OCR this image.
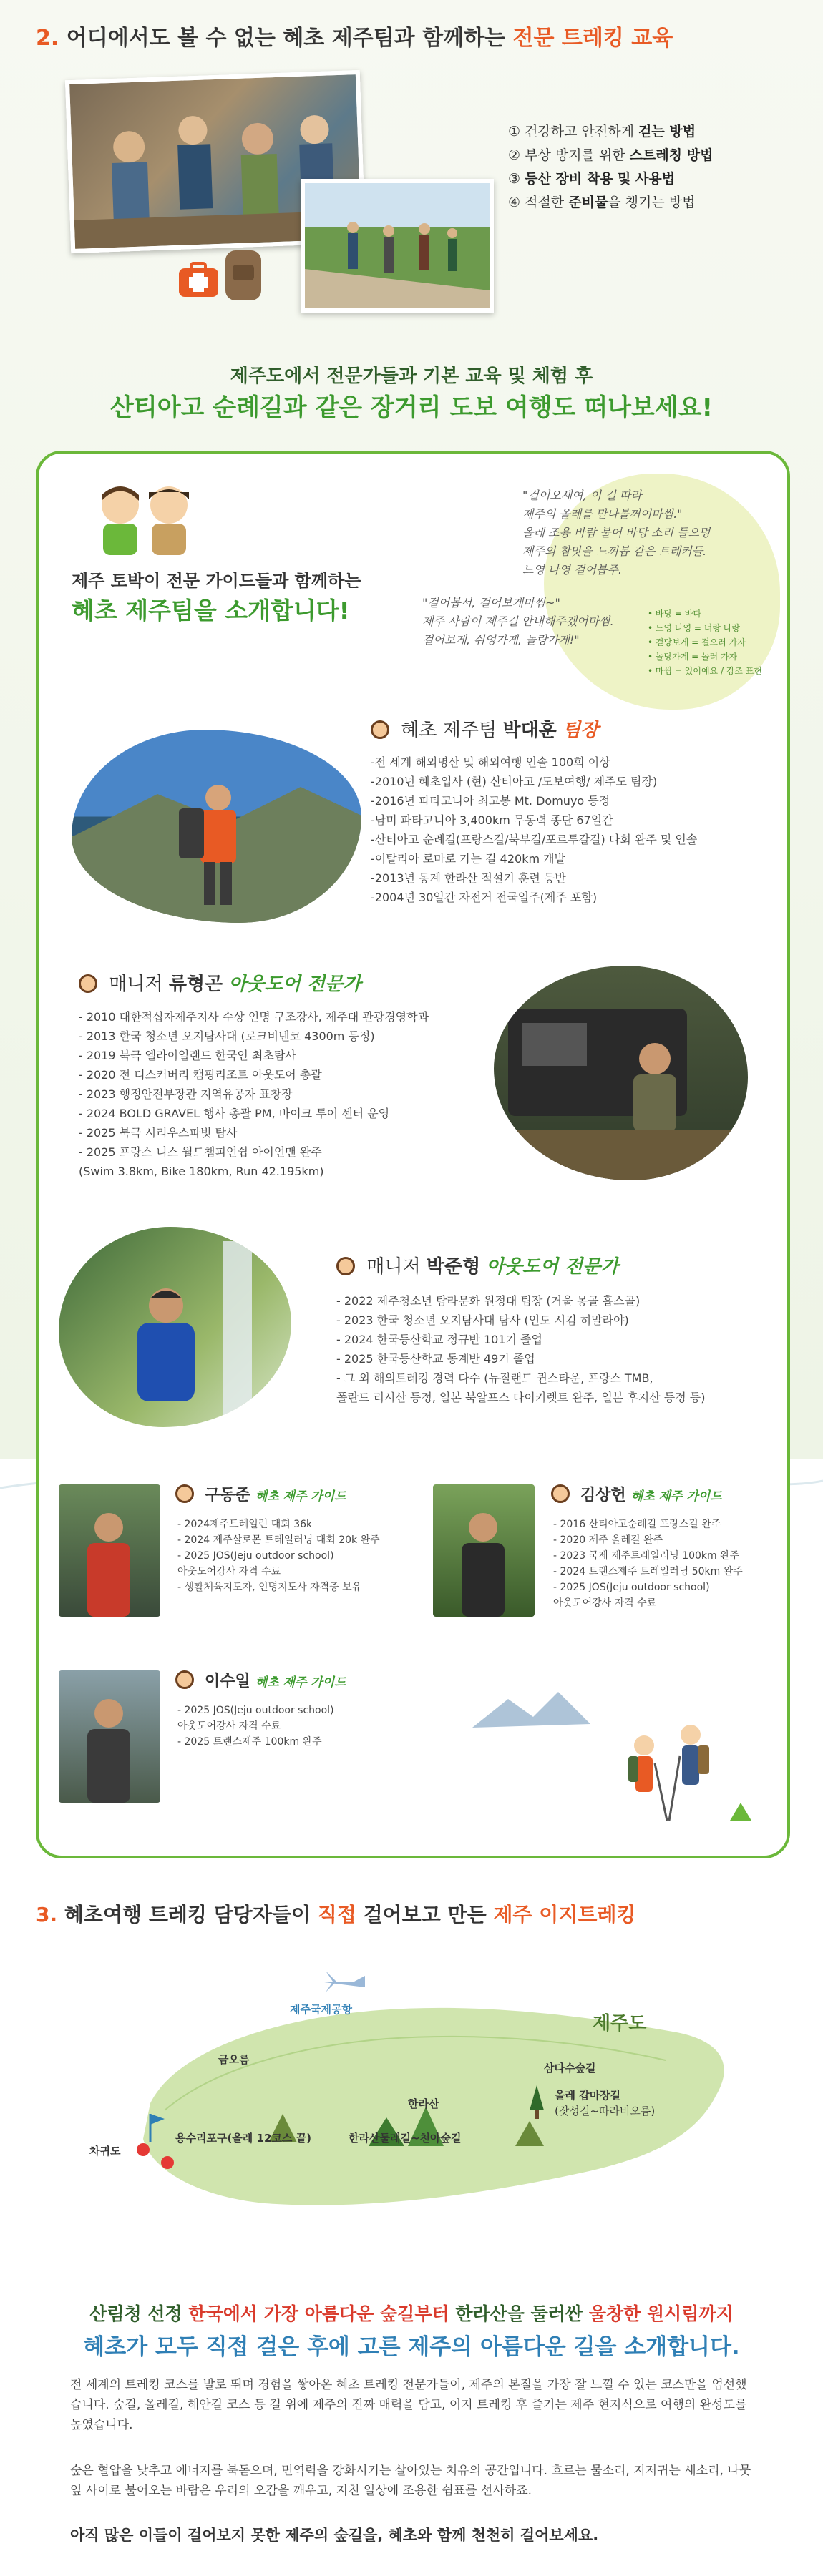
2. 어디에서도 볼 수 없는 혜초 제주팀과 함께하는 전문 트레킹 교육
① 건강하고 안전하게 걷는 방법
② 부상 방지를 위한 스트레칭 방법
③ 등산 장비 착용 및 사용법
④ 적절한 준비물을 챙기는 방법

제주도에서 전문가들과 기본 교육 및 체험 후

산티아고 순례길과 같은 장거리 도보 여행도 떠나보세요!

제주 토박이 전문 가이드들과 함께하는

혜초 제주팀을 소개합니다!

"걸어오세여, 이 길 따라
제주의 올레를 만나볼꺼여마씸."
올레 조용 바람 불어 바당 소리 들으멍
제주의 참맛을 느껴봅 같은 트레커들.
느영 나영 걸어봅주.
"걸어봅서, 걸어보게마씸~"
제주 사람이 제주길 안내해주겠어마씸.
걸어보게, 쉬엉가게, 놀랑가게!"
• 바당 = 바다
• 느영 나영 = 너랑 나랑
• 걷당보게 = 걸으러 가자
• 놀당가게 = 놀러 가자
• 마씸 = 있어예요 / 강조 표현
혜초 제주팀 박대훈 팀장
-전 세계 해외명산 및 해외여행 인솔 100회 이상
-2010년 혜초입사 (현) 산티아고 /도보여행/ 제주도 팀장)
-2016년 파타고니아 최고봉 Mt. Domuyo 등정
-남미 파타고니아 3,400km 무동력 종단 67일간
-산티아고 순례길(프랑스길/북부길/포르투갈길) 다회 완주 및 인솔
-이탈리아 로마로 가는 길 420km 개발
-2013년 동계 한라산 적설기 훈련 등반
-2004년 30일간 자전거 전국일주(제주 포함)
매니저 류형곤 아웃도어 전문가
- 2010 대한적십자제주지사 수상 인명 구조강사, 제주대 관광경영학과
- 2013 한국 청소년 오지탐사대 (로크비넨코 4300m 등정)
- 2019 북극 엘라이일랜드 한국인 최초탐사
- 2020 전 디스커버리 캠핑리조트 아웃도어 총괄
- 2023 행정안전부장관 지역유공자 표창장
- 2024 BOLD GRAVEL 행사 총괄 PM, 바이크 투어 센터 운영
- 2025 북극 시리우스파빗 탐사
- 2025 프랑스 니스 월드챔피언쉽 아이언맨 완주
(Swim 3.8km, Bike 180km, Run 42.195km)
매니저 박준형 아웃도어 전문가
- 2022 제주청소년 탐라문화 원정대 팀장 (거울 몽골 흡스골)
- 2023 한국 청소년 오지탐사대 탐사 (인도 시킴 히말라야)
- 2024 한국등산학교 정규반 101기 졸업
- 2025 한국등산학교 동계반 49기 졸업
- 그 외 해외트레킹 경력 다수 (뉴질랜드 퀸스타운, 프랑스 TMB,
폴란드 리시산 등정, 일본 북알프스 다이키렛토 완주, 일본 후지산 등정 등)
구동준 혜초 제주 가이드
- 2024제주트레일런 대회 36k
- 2024 제주살로몬 트레일러닝 대회 20k 완주
- 2025 JOS(Jeju outdoor school)
아웃도어강사 자격 수료
- 생활체육지도자, 인명지도사 자격증 보유
김상헌 혜초 제주 가이드
- 2016 산티아고순례길 프랑스길 완주
- 2020 제주 올레길 완주
- 2023 국제 제주트레일러닝 100km 완주
- 2024 트랜스제주 트레일러닝 50km 완주
- 2025 JOS(Jeju outdoor school)
아웃도어강사 자격 수료
이수일 혜초 제주 가이드
- 2025 JOS(Jeju outdoor school)
아웃도어강사 자격 수료
- 2025 트랜스제주 100km 완주
3. 혜초여행 트레킹 담당자들이 직접 걸어보고 만든 제주 이지트레킹
제주국제공항
제주도
금오름
한라산
삼다수숲길
차귀도
용수리포구(올레 12코스 끝)	한라산둘레길~천아숲길
올레 갑마장길
(잣성길~따라비오름)

산림청 선정 한국에서 가장 아름다운 숲길부터 한라산을 둘러싼 울창한 원시림까지

혜초가 모두 직접 걸은 후에 고른 제주의 아름다운 길을 소개합니다.

전 세계의 트레킹 코스를 발로 뛰며 경험을 쌓아온 혜초 트레킹 전문가들이, 제주의 본질을 가장 잘 느낄 수 있는 코스만을 엄선했습니다. 숲길, 올레길, 해안길 코스 등 길 위에 제주의 진짜 매력을 담고, 이지 트레킹 후 즐기는 제주 현지식으로 여행의 완성도를 높였습니다.

숲은 혈압을 낮추고 에너지를 북돋으며, 면역력을 강화시키는 살아있는 치유의 공간입니다. 흐르는 물소리, 지저귀는 새소리, 나뭇잎 사이로 불어오는 바람은 우리의 오감을 깨우고, 지친 일상에 조용한 쉼표를 선사하죠.

아직 많은 이들이 걸어보지 못한 제주의 숲길을, 혜초와 함께 천천히 걸어보세요.
